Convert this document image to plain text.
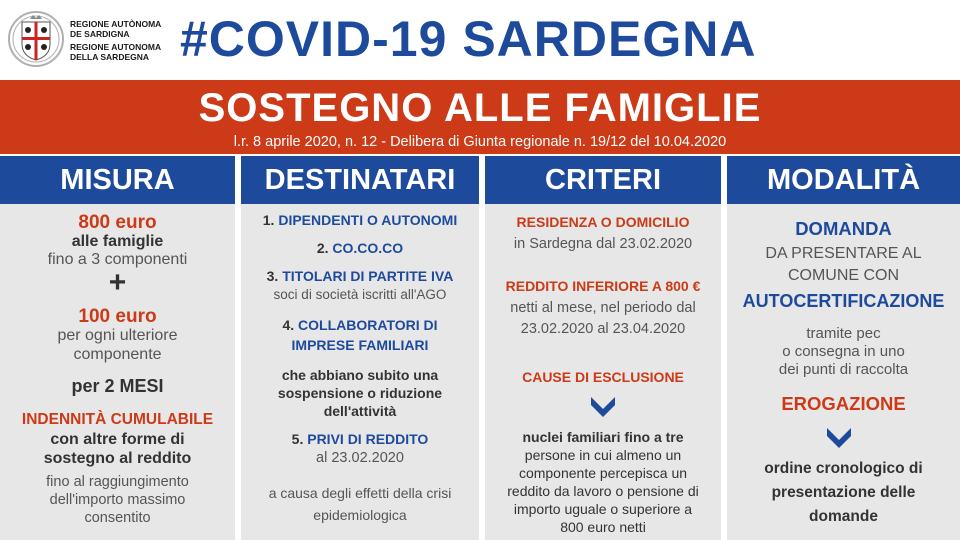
REGIONE AUTÒNOMA
DE SARDIGNA
REGIONE AUTONOMA
DELLA SARDEGNA #COVID-19 SARDEGNA
SOSTEGNO ALLE FAMIGLIE
l.r. 8 aprile 2020, n. 12 - Delibera di Giunta regionale n. 19/12 del 10.04.2020
MISURA
800 euro
alle famiglie
fino a 3 componenti
+
100 euro
per ogni ulteriore
componente
per 2 MESI
INDENNITÀ CUMULABILE
con altre forme di
sostegno al reddito
fino al raggiungimento
dell'importo massimo
consentito
DESTINATARI
1. DIPENDENTI O AUTONOMI
2. CO.CO.CO
3. TITOLARI DI PARTITE IVA
soci di società iscritti all'AGO
4. COLLABORATORI DI
IMPRESE FAMILIARI
che abbiano subito una
sospensione o riduzione
dell'attività
5. PRIVI DI REDDITO
al 23.02.2020
a causa degli effetti della crisi
epidemiologica
CRITERI
RESIDENZA O DOMICILIO
in Sardegna dal 23.02.2020
REDDITO INFERIORE A 800 €
netti al mese, nel periodo dal
23.02.2020 al 23.04.2020
CAUSE DI ESCLUSIONE
nuclei familiari fino a tre
persone in cui almeno un
componente percepisca un
reddito da lavoro o pensione di
importo uguale o superiore a
800 euro netti
MODALITÀ
DOMANDA
DA PRESENTARE AL
COMUNE CON
AUTOCERTIFICAZIONE
tramite pec
o consegna in uno
dei punti di raccolta
EROGAZIONE
ordine cronologico di
presentazione delle
domande
